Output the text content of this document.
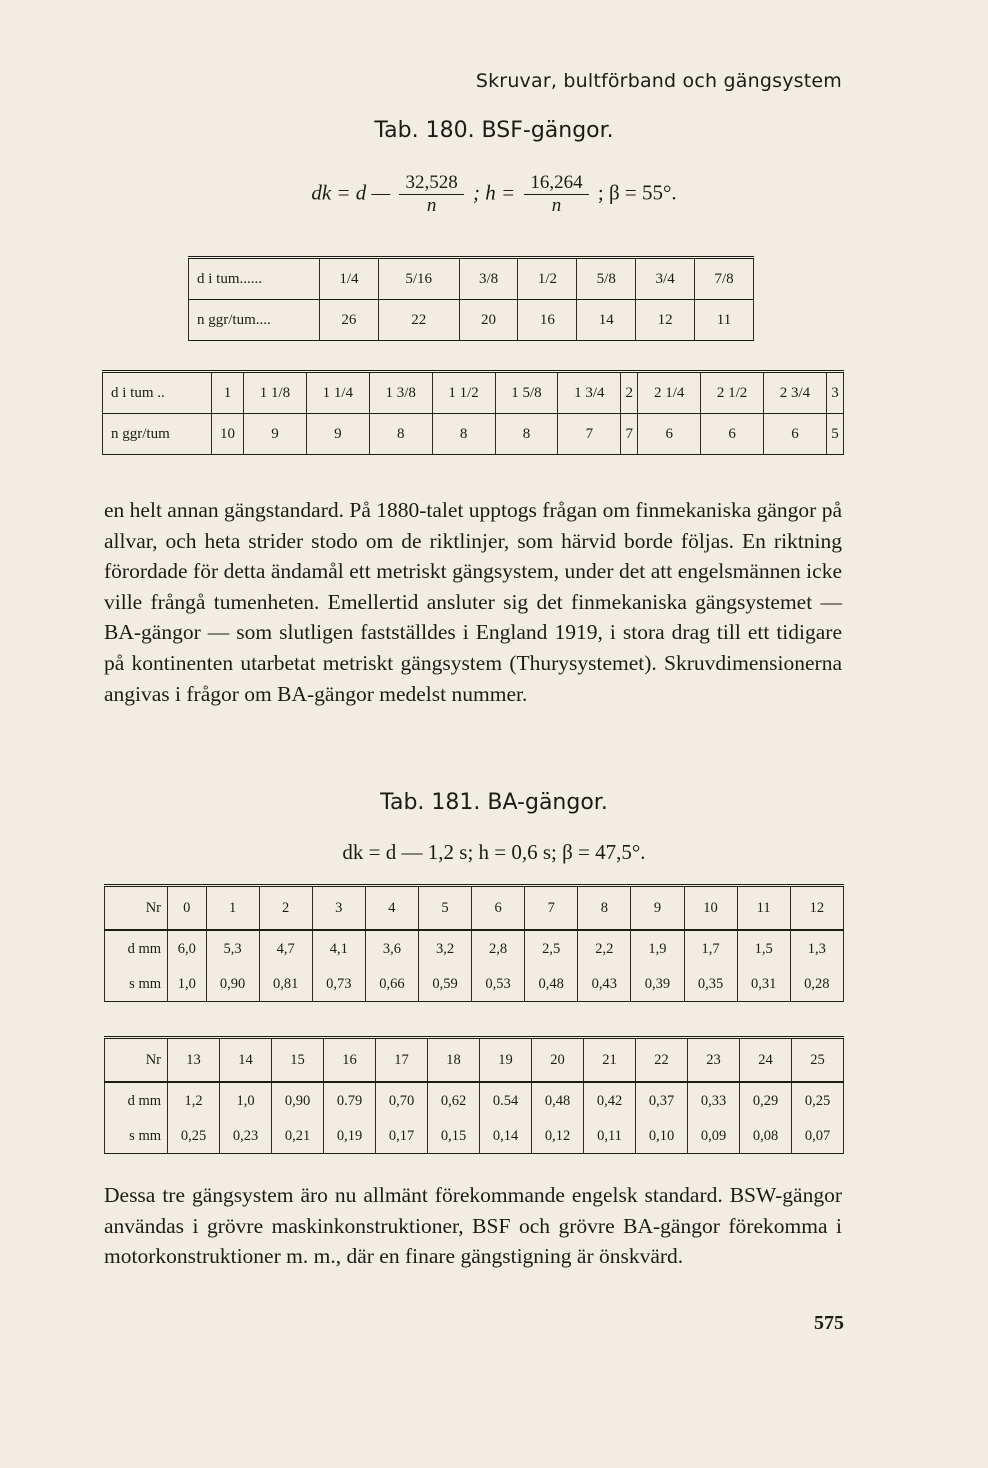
Skruvar, bultförband och gängsystem
Tab. 180. BSF-gängor.
dk = d — $\frac{32,528}{n}$ ; $h = \frac{16,264}{n}$ ; β = 55°.
d i tum......	1/4	5/16	3/8	1/2	5/8	3/4	7/8
n ggr/tum....	26	22	20	16	14	12	11
d i tum ..	1	1 1/8	1 1/4	1 3/8	1 1/2	1 5/8	1 3/4	2	2 1/4	2 1/2	2 3/4	3
n ggr/tum	10	9	9	8	8	8	7	7	6	6	6	5

en helt annan gängstandard. På 1880-talet upptogs frågan om finmekaniska gängor på allvar, och heta strider stodo om de riktlinjer, som härvid borde följas. En riktning förordade för detta ändamål ett metriskt gängsystem, under det att engelsmännen icke ville frångå tumenheten. Emellertid ansluter sig det finmekaniska gängsystemet — BA-gängor — som slutligen fastställdes i England 1919, i stora drag till ett tidigare på kontinenten utarbetat metriskt gängsystem (Thurysystemet). Skruvdimensionerna angivas i frågor om BA-gängor medelst nummer.

Tab. 181. BA-gängor.
dk = d — 1,2 s; h = 0,6 s; β = 47,5°.
Nr	0	1	2	3	4	5	6	7	8	9	10	11	12
d mm	6,0	5,3	4,7	4,1	3,6	3,2	2,8	2,5	2,2	1,9	1,7	1,5	1,3
s mm	1,0	0,90	0,81	0,73	0,66	0,59	0,53	0,48	0,43	0,39	0,35	0,31	0,28
Nr	13	14	15	16	17	18	19	20	21	22	23	24	25
d mm	1,2	1,0	0,90	0.79	0,70	0,62	0.54	0,48	0,42	0,37	0,33	0,29	0,25
s mm	0,25	0,23	0,21	0,19	0,17	0,15	0,14	0,12	0,11	0,10	0,09	0,08	0,07

Dessa tre gängsystem äro nu allmänt förekommande engelsk standard. BSW-gängor användas i grövre maskinkonstruktioner, BSF och grövre BA-gängor förekomma i motorkonstruktioner m. m., där en finare gängstigning är önskvärd.

575
